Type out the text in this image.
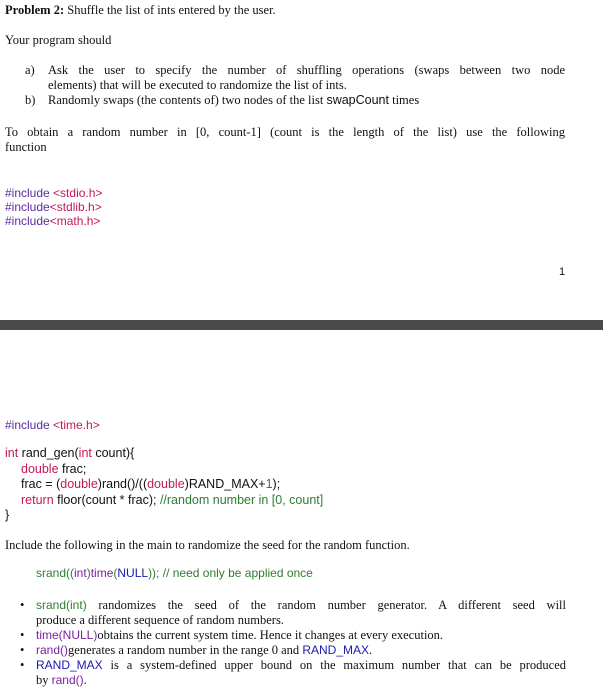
Problem 2: Shuffle the list of ints entered by the user.
Your program should
a) Ask the user to specify the number of shuffling operations (swaps between two node
elements) that will be executed to randomize the list of ints.
b) Randomly swaps (the contents of) two nodes of the list swapCount times
To obtain a random number in [0, count-1] (count is the length of the list) use the following
function
#include <stdio.h>
#include<stdlib.h>
#include<math.h>
1
#include <time.h>
int rand_gen(int count){
double frac;
frac = (double)rand()/((double)RAND_MAX+1);
return floor(count * frac); //random number in [0, count]
}
Include the following in the main to randomize the seed for the random function.
srand((int)time(NULL)); // need only be applied once
• srand(int) randomizes the seed of the random number generator. A different seed will
produce a different sequence of random numbers.
• time(NULL)obtains the current system time. Hence it changes at every execution.
• rand()generates a random number in the range 0 and RAND_MAX.
• RAND_MAX is a system-defined upper bound on the maximum number that can be produced
by rand().
